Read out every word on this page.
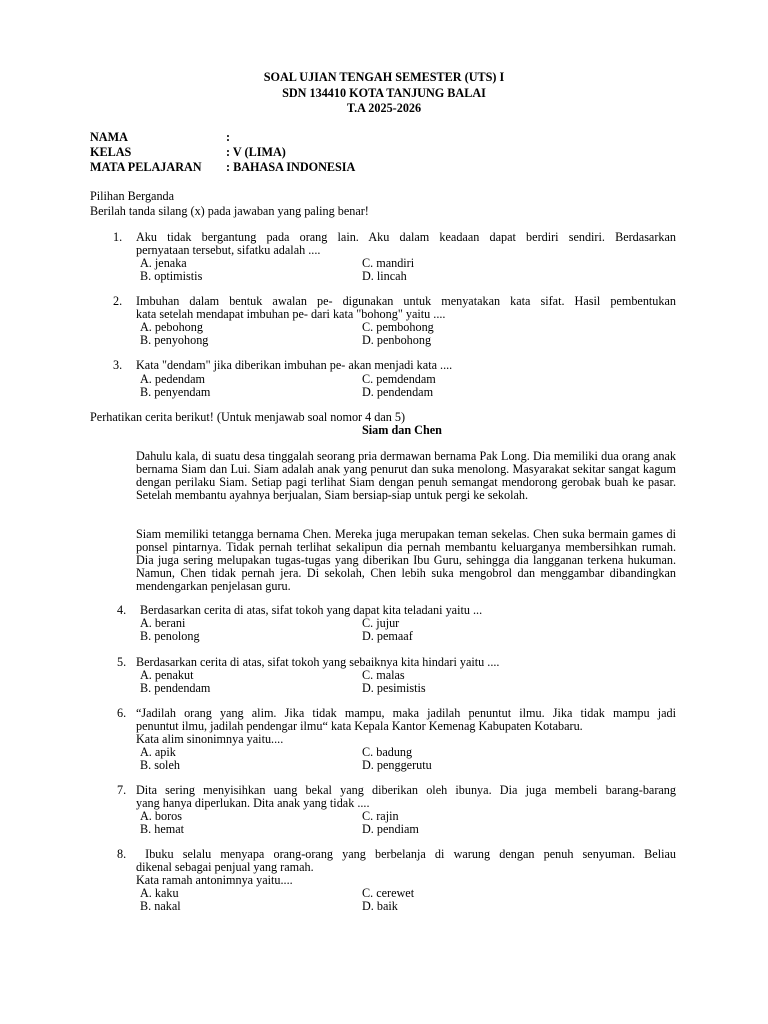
SOAL UJIAN TENGAH SEMESTER (UTS) I
SDN 134410 KOTA TANJUNG BALAI
T.A 2025-2026
NAMA	:
KELAS	: V (LIMA)
MATA PELAJARAN : BAHASA INDONESIA
Pilihan Berganda
Berilah tanda silang (x) pada jawaban yang paling benar!
1. Aku tidak bergantung pada orang lain. Aku dalam keadaan dapat berdiri sendiri. Berdasarkan
pernyataan tersebut, sifatku adalah ....
A. jenaka	C. mandiri
B. optimistis	D. lincah
2. Imbuhan dalam bentuk awalan pe- digunakan untuk menyatakan kata sifat. Hasil pembentukan
kata setelah mendapat imbuhan pe- dari kata "bohong" yaitu ....
A. pebohong	C. pembohong
B. penyohong	D. penbohong
3. Kata "dendam" jika diberikan imbuhan pe- akan menjadi kata ....
A. pedendam	C. pemdendam
B. penyendam	D. pendendam
Perhatikan cerita berikut! (Untuk menjawab soal nomor 4 dan 5)
Siam dan Chen
Dahulu kala, di suatu desa tinggalah seorang pria dermawan bernama Pak Long. Dia memiliki dua orang anak bernama Siam dan Lui. Siam adalah anak yang penurut dan suka menolong. Masyarakat sekitar sangat kagum dengan perilaku Siam. Setiap pagi terlihat Siam dengan penuh semangat mendorong gerobak buah ke pasar. Setelah membantu ayahnya berjualan, Siam bersiap-siap untuk pergi ke sekolah.
Siam memiliki tetangga bernama Chen. Mereka juga merupakan teman sekelas. Chen suka bermain games di ponsel pintarnya. Tidak pernah terlihat sekalipun dia pernah membantu keluarganya membersihkan rumah. Dia juga sering melupakan tugas-tugas yang diberikan Ibu Guru, sehingga dia langganan terkena hukuman. Namun, Chen tidak pernah jera. Di sekolah, Chen lebih suka mengobrol dan menggambar dibandingkan mendengarkan penjelasan guru.
4. Berdasarkan cerita di atas, sifat tokoh yang dapat kita teladani yaitu ...
A. berani	C. jujur
B. penolong	D. pemaaf
5. Berdasarkan cerita di atas, sifat tokoh yang sebaiknya kita hindari yaitu ....
A. penakut	C. malas
B. pendendam	D. pesimistis
6. “Jadilah orang yang alim. Jika tidak mampu, maka jadilah penuntut ilmu. Jika tidak mampu jadi
penuntut ilmu, jadilah pendengar ilmu“ kata Kepala Kantor Kemenag Kabupaten Kotabaru.
Kata alim sinonimnya yaitu....
A. apik	C. badung
B. soleh	D. penggerutu
7. Dita sering menyisihkan uang bekal yang diberikan oleh ibunya. Dia juga membeli barang-barang
yang hanya diperlukan. Dita anak yang tidak ....
A. boros	C. rajin
B. hemat	D. pendiam
8. Ibuku selalu menyapa orang-orang yang berbelanja di warung dengan penuh senyuman. Beliau
dikenal sebagai penjual yang ramah.
Kata ramah antonimnya yaitu....
A. kaku	C. cerewet
B. nakal	D. baik
